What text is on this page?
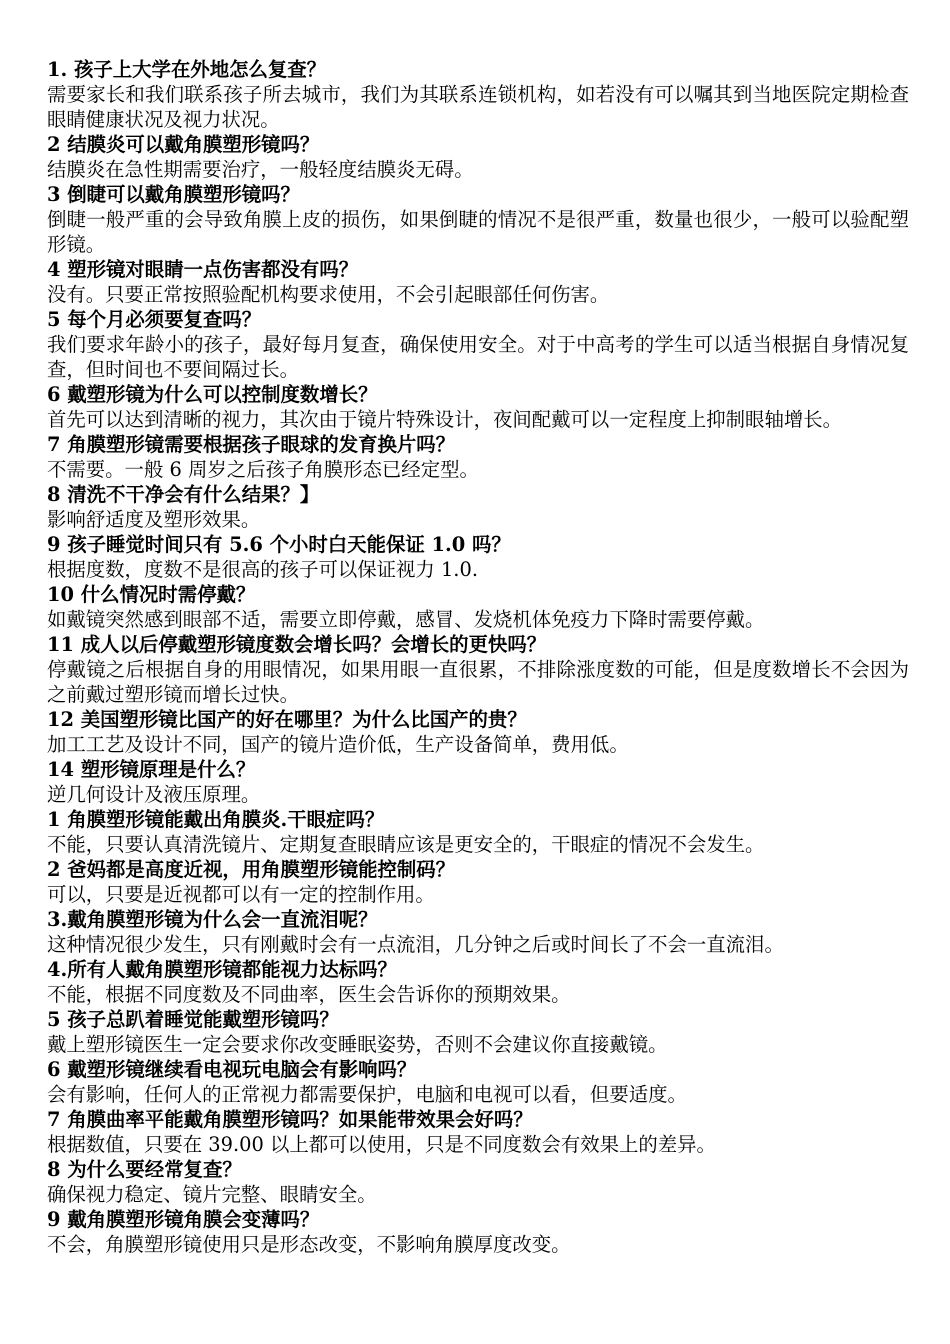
1. 孩子上大学在外地怎么复查？

需要家长和我们联系孩子所去城市，我们为其联系连锁机构，如若没有可以嘱其到当地医院定期检查眼睛健康状况及视力状况。

2 结膜炎可以戴角膜塑形镜吗？

结膜炎在急性期需要治疗，一般轻度结膜炎无碍。

3 倒睫可以戴角膜塑形镜吗？

倒睫一般严重的会导致角膜上皮的损伤，如果倒睫的情况不是很严重，数量也很少，一般可以验配塑形镜。

4 塑形镜对眼睛一点伤害都没有吗？

没有。只要正常按照验配机构要求使用，不会引起眼部任何伤害。

5 每个月必须要复查吗？

我们要求年龄小的孩子，最好每月复查，确保使用安全。对于中高考的学生可以适当根据自身情况复查，但时间也不要间隔过长。

6 戴塑形镜为什么可以控制度数增长？

首先可以达到清晰的视力，其次由于镜片特殊设计，夜间配戴可以一定程度上抑制眼轴增长。

7 角膜塑形镜需要根据孩子眼球的发育换片吗？

不需要。一般 6 周岁之后孩子角膜形态已经定型。

8 清洗不干净会有什么结果？】

影响舒适度及塑形效果。

9 孩子睡觉时间只有 5.6 个小时白天能保证 1.0 吗？

根据度数，度数不是很高的孩子可以保证视力 1.0.

10 什么情况时需停戴？

如戴镜突然感到眼部不适，需要立即停戴，感冒、发烧机体免疫力下降时需要停戴。

11 成人以后停戴塑形镜度数会增长吗？会增长的更快吗？

停戴镜之后根据自身的用眼情况，如果用眼一直很累，不排除涨度数的可能，但是度数增长不会因为之前戴过塑形镜而增长过快。

12 美国塑形镜比国产的好在哪里？为什么比国产的贵？

加工工艺及设计不同，国产的镜片造价低，生产设备简单，费用低。

14 塑形镜原理是什么？

逆几何设计及液压原理。

1 角膜塑形镜能戴出角膜炎.干眼症吗？

不能，只要认真清洗镜片、定期复查眼睛应该是更安全的，干眼症的情况不会发生。

2 爸妈都是高度近视，用角膜塑形镜能控制码？

可以，只要是近视都可以有一定的控制作用。

3.戴角膜塑形镜为什么会一直流泪呢？

这种情况很少发生，只有刚戴时会有一点流泪，几分钟之后或时间长了不会一直流泪。

4.所有人戴角膜塑形镜都能视力达标吗？

不能，根据不同度数及不同曲率，医生会告诉你的预期效果。

5 孩子总趴着睡觉能戴塑形镜吗？

戴上塑形镜医生一定会要求你改变睡眠姿势，否则不会建议你直接戴镜。

6 戴塑形镜继续看电视玩电脑会有影响吗？

会有影响，任何人的正常视力都需要保护，电脑和电视可以看，但要适度。

7 角膜曲率平能戴角膜塑形镜吗？如果能带效果会好吗？

根据数值，只要在 39.00 以上都可以使用，只是不同度数会有效果上的差异。

8 为什么要经常复查？

确保视力稳定、镜片完整、眼睛安全。

9 戴角膜塑形镜角膜会变薄吗？

不会，角膜塑形镜使用只是形态改变，不影响角膜厚度改变。
